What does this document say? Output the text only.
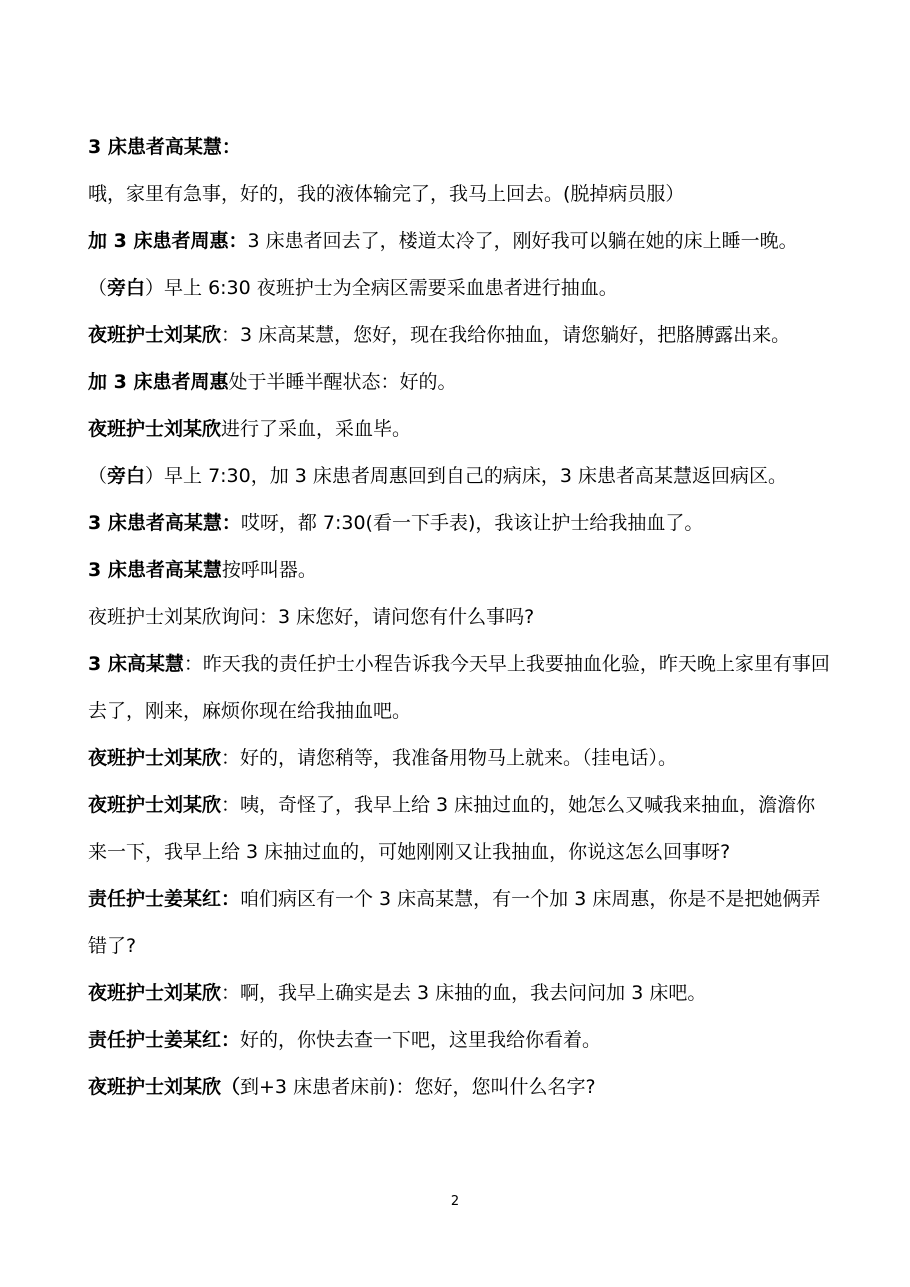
3 床患者高某慧：哦，家里有急事，好的，我的液体输完了，我马上回去。(脱掉病员服）

加 3 床患者周惠：3 床患者回去了，楼道太冷了，刚好我可以躺在她的床上睡一晚。

（旁白）早上 6:30 夜班护士为全病区需要采血患者进行抽血。

夜班护士刘某欣：3 床高某慧，您好，现在我给你抽血，请您躺好，把胳膊露出来。

加 3 床患者周惠处于半睡半醒状态：好的。

夜班护士刘某欣进行了采血，采血毕。

（旁白）早上 7:30，加 3 床患者周惠回到自己的病床，3 床患者高某慧返回病区。

3 床患者高某慧：哎呀，都 7:30(看一下手表)，我该让护士给我抽血了。

3 床患者高某慧按呼叫器。

夜班护士刘某欣询问：3 床您好，请问您有什么事吗?

3 床高某慧：昨天我的责任护士小程告诉我今天早上我要抽血化验，昨天晚上家里有事回去了，刚来，麻烦你现在给我抽血吧。

夜班护士刘某欣：好的，请您稍等，我准备用物马上就来。（挂电话）。

夜班护士刘某欣：咦，奇怪了，我早上给 3 床抽过血的，她怎么又喊我来抽血，澹澹你来一下，我早上给 3 床抽过血的，可她刚刚又让我抽血，你说这怎么回事呀?

责任护士姜某红：咱们病区有一个 3 床高某慧，有一个加 3 床周惠，你是不是把她俩弄错了?

夜班护士刘某欣：啊，我早上确实是去 3 床抽的血，我去问问加 3 床吧。

责任护士姜某红：好的，你快去查一下吧，这里我给你看着。

夜班护士刘某欣（到+3 床患者床前)：您好，您叫什么名字?

2
